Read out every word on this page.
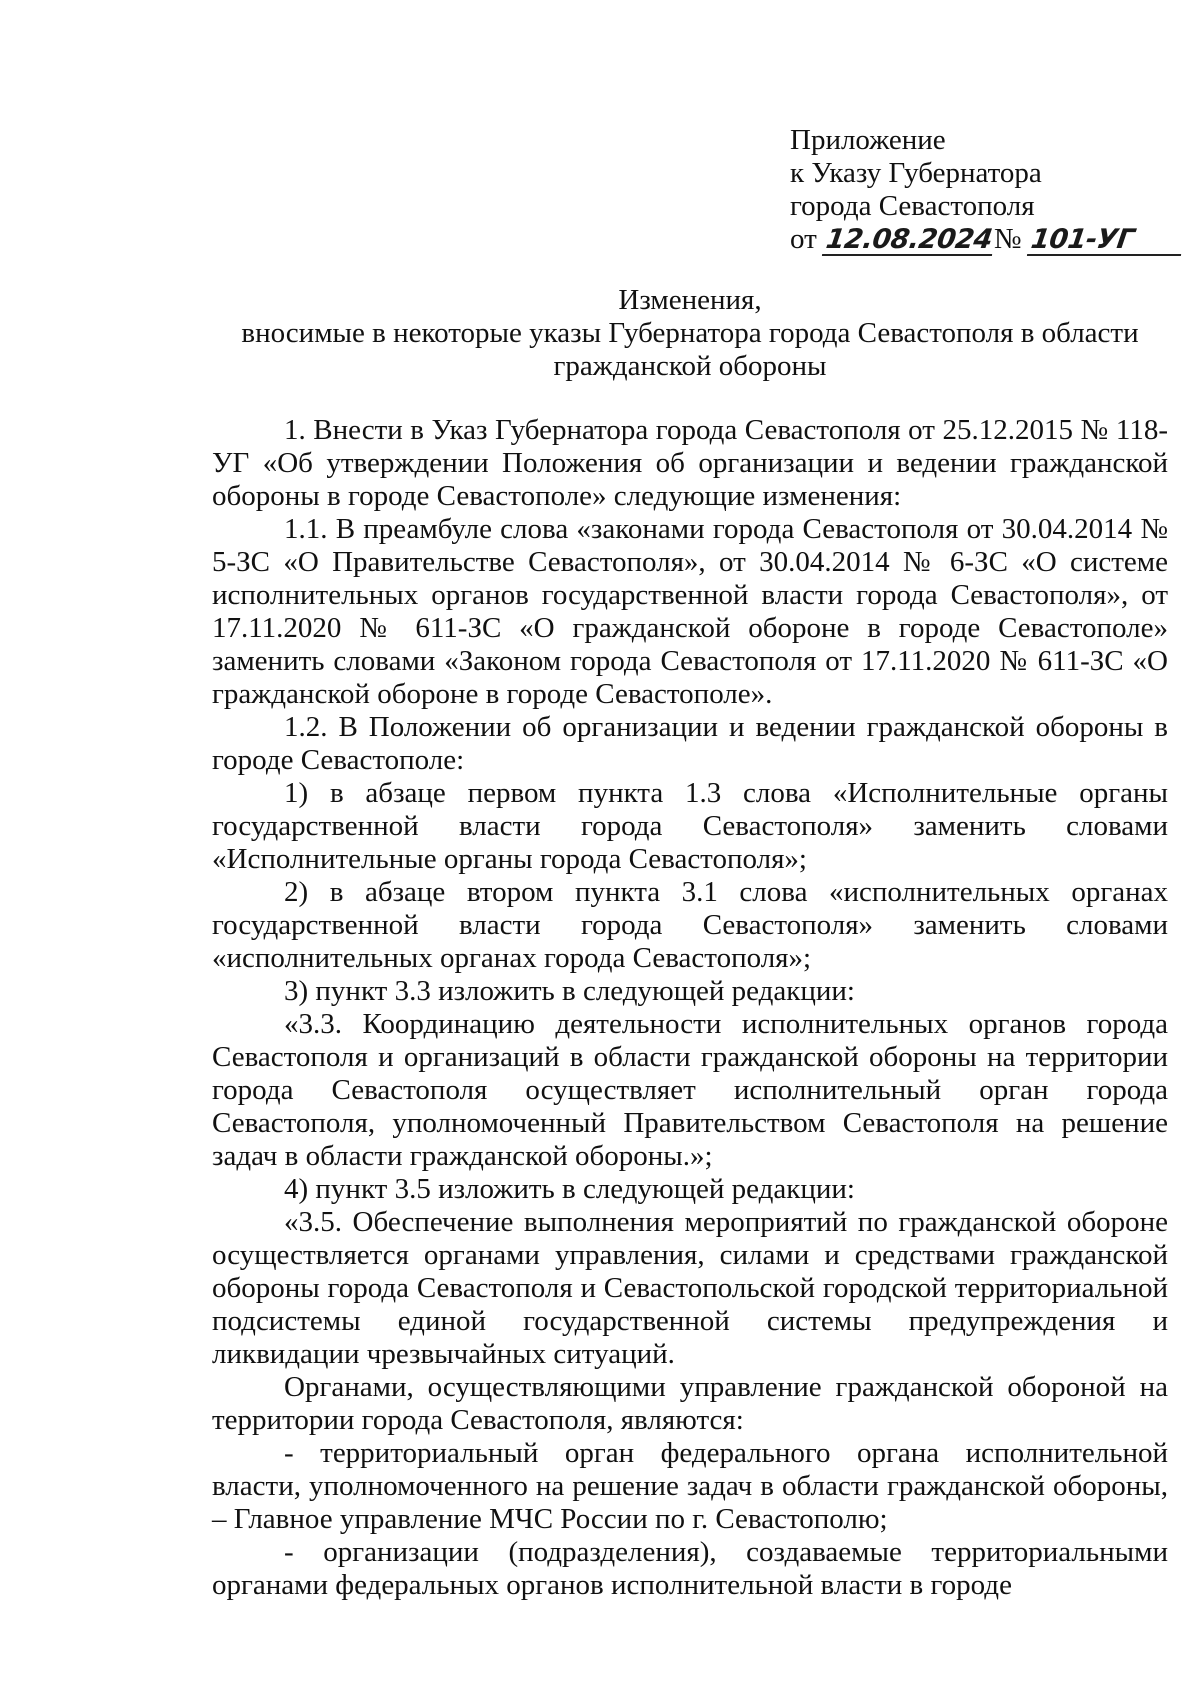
Приложение
к Указу Губернатора
города Севастополя
от 12.08.2024№ 101-УГ
Изменения,
вносимые в некоторые указы Губернатора города Севастополя в области
гражданской обороны

1. Внести в Указ Губернатора города Севастополя от 25.12.2015 № 118-УГ «Об утверждении Положения об организации и ведении гражданской обороны в городе Севастополе» следующие изменения:

1.1. В преамбуле слова «законами города Севастополя от 30.04.2014 № 5-ЗС «О Правительстве Севастополя», от 30.04.2014 № 6-ЗС «О системе исполнительных органов государственной власти города Севастополя», от 17.11.2020 № 611-ЗС «О гражданской обороне в городе Севастополе» заменить словами «Законом города Севастополя от 17.11.2020 № 611-ЗС «О гражданской обороне в городе Севастополе».

1.2. В Положении об организации и ведении гражданской обороны в городе Севастополе:

1) в абзаце первом пункта 1.3 слова «Исполнительные органы государственной власти города Севастополя» заменить словами «Исполнительные органы города Севастополя»;

2) в абзаце втором пункта 3.1 слова «исполнительных органах государственной власти города Севастополя» заменить словами «исполнительных органах города Севастополя»;

3) пункт 3.3 изложить в следующей редакции:

«3.3. Координацию деятельности исполнительных органов города Севастополя и организаций в области гражданской обороны на территории города Севастополя осуществляет исполнительный орган города Севастополя, уполномоченный Правительством Севастополя на решение задач в области гражданской обороны.»;

4) пункт 3.5 изложить в следующей редакции:

«3.5. Обеспечение выполнения мероприятий по гражданской обороне осуществляется органами управления, силами и средствами гражданской обороны города Севастополя и Севастопольской городской территориальной подсистемы единой государственной системы предупреждения и ликвидации чрезвычайных ситуаций.

Органами, осуществляющими управление гражданской обороной на территории города Севастополя, являются:

- территориальный орган федерального органа исполнительной власти, уполномоченного на решение задач в области гражданской обороны, – Главное управление МЧС России по г. Севастополю;

- организации (подразделения), создаваемые территориальными органами федеральных органов исполнительной власти в городе
